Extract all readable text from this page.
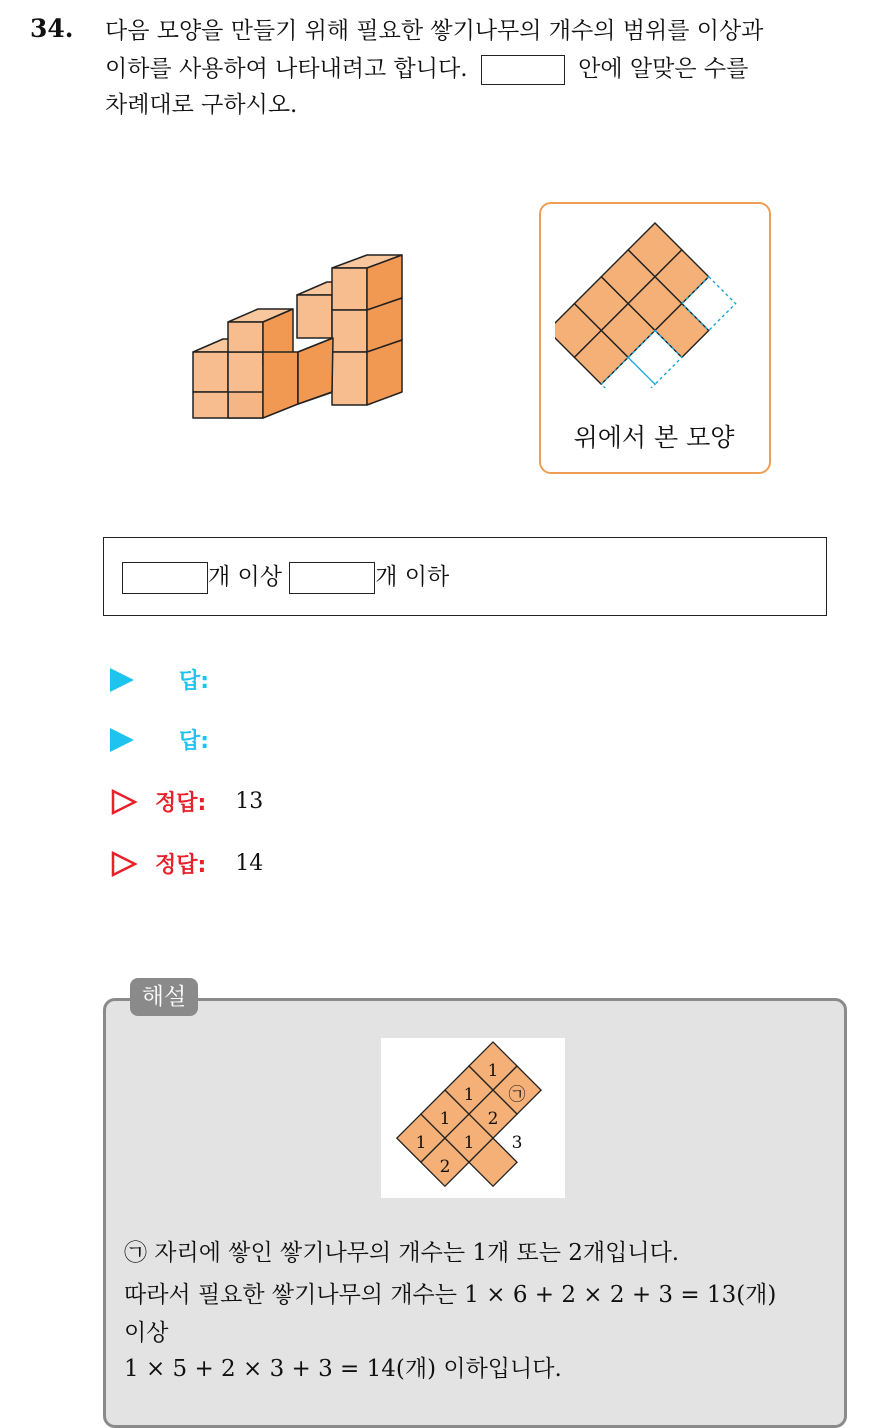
34. 다음 모양을 만들기 위해 필요한 쌓기나무의 개수의 범위를 이상과
이하를 사용하여 나타내려고 합니다.	안에 알맞은 수를
차례대로 구하시오.
위에서 본 모양
개 이상	개 이하
답:
답:
정답: 13
정답: 14
해설
1
1
1
1 1
2
2
3
㉠
㉠ 자리에 쌓인 쌓기나무의 개수는 1개 또는 2개입니다.
따라서 필요한 쌓기나무의 개수는 1 × 6 + 2 × 2 + 3 = 13(개)
이상
1 × 5 + 2 × 3 + 3 = 14(개) 이하입니다.
